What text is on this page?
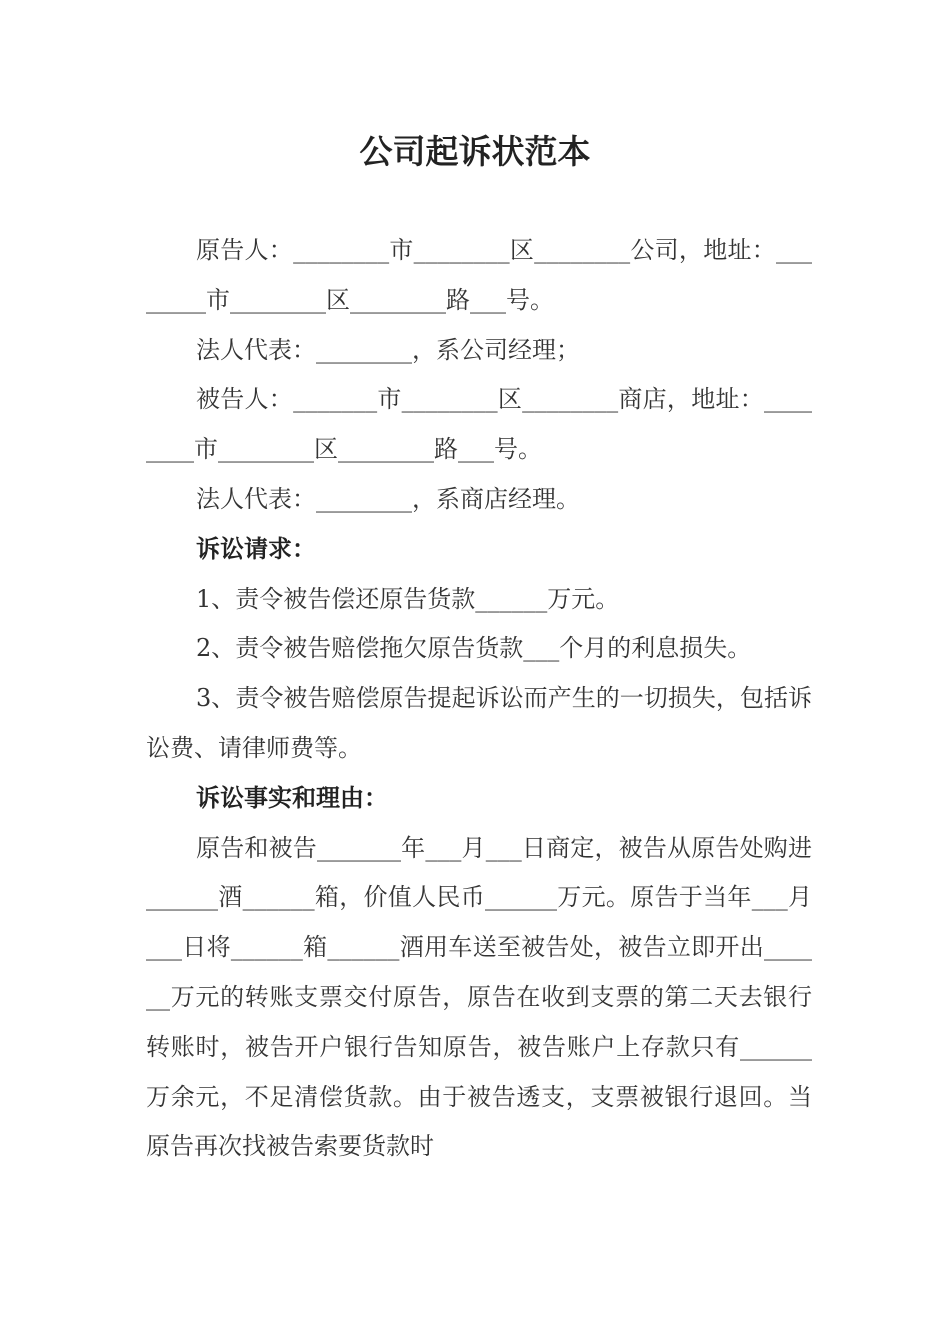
公司起诉状范本

原告人：________市________区________公司，地址：________市________区________路___号。

法人代表：________，系公司经理；

被告人：_______市________区________商店，地址：________市________区________路___号。

法人代表：________，系商店经理。

诉讼请求：

1、责令被告偿还原告货款______万元。

2、责令被告赔偿拖欠原告货款___个月的利息损失。

3、责令被告赔偿原告提起诉讼而产生的一切损失，包括诉讼费、请律师费等。

诉讼事实和理由：

原告和被告_______年___月___日商定，被告从原告处购进______酒______箱，价值人民币______万元。原告于当年___月___日将______箱______酒用车送至被告处，被告立即开出______万元的转账支票交付原告，原告在收到支票的第二天去银行转账时，被告开户银行告知原告，被告账户上存款只有______万余元，不足清偿货款。由于被告透支，支票被银行退回。当原告再次找被告索要货款时
